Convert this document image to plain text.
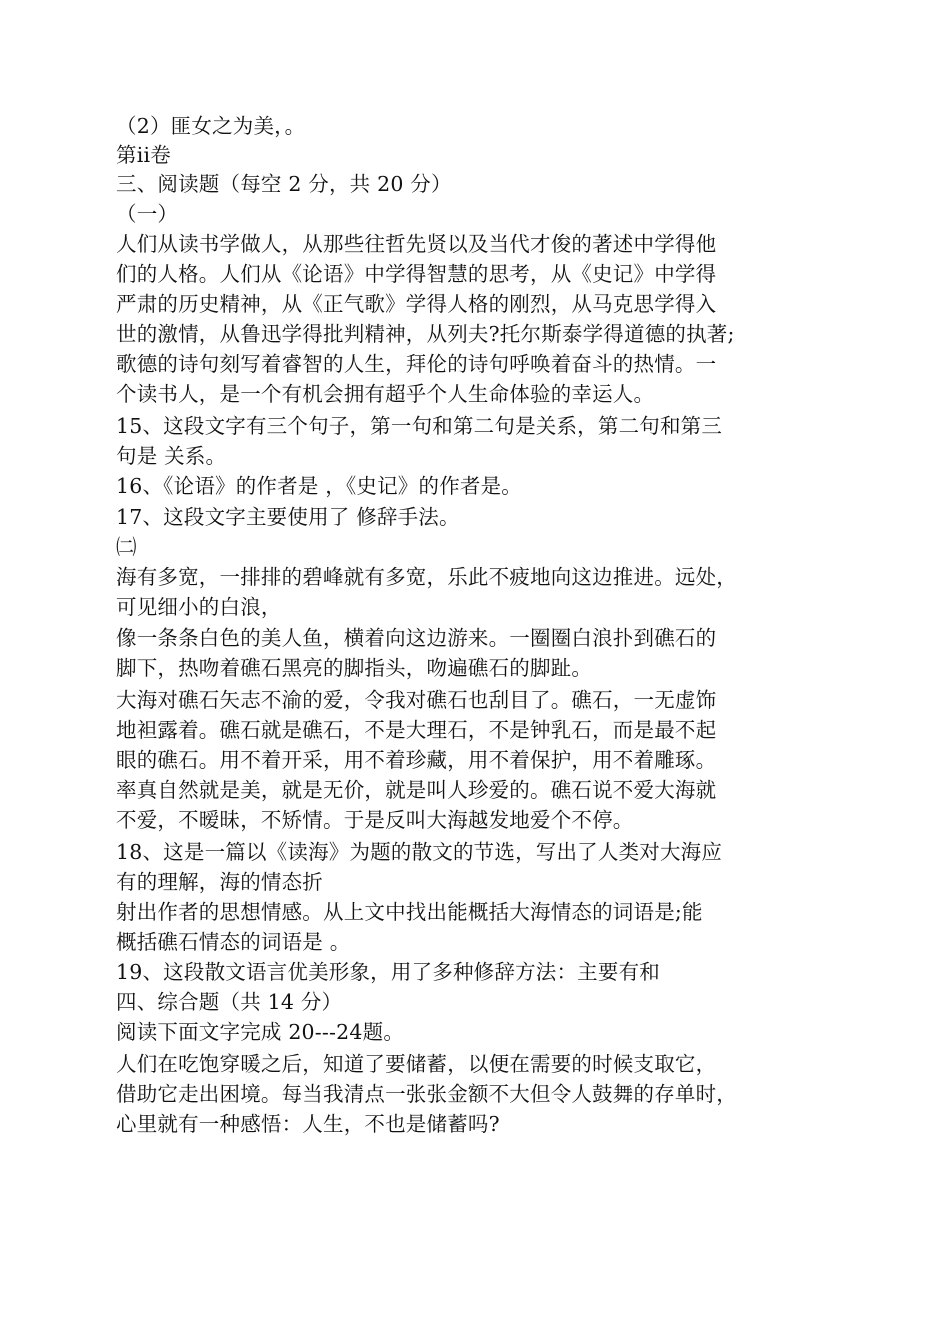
（2）匪女之为美，。
第ⅰi卷
三、阅读题（每空 2 分，共 20 分）
（一）
人们从读书学做人，从那些往哲先贤以及当代才俊的著述中学得他
们的人格。人们从《论语》中学得智慧的思考，从《史记》中学得
严肃的历史精神，从《正气歌》学得人格的刚烈，从马克思学得入
世的激情，从鲁迅学得批判精神，从列夫?托尔斯泰学得道德的执著;
歌德的诗句刻写着睿智的人生，拜伦的诗句呼唤着奋斗的热情。一
个读书人，是一个有机会拥有超乎个人生命体验的幸运人。
15、这段文字有三个句子，第一句和第二句是关系，第二句和第三
句是 关系。
16、《论语》的作者是 ，《史记》的作者是。
17、这段文字主要使用了 修辞手法。
㈡
海有多宽，一排排的碧峰就有多宽，乐此不疲地向这边推进。远处，
可见细小的白浪，
像一条条白色的美人鱼，横着向这边游来。一圈圈白浪扑到礁石的
脚下，热吻着礁石黑亮的脚指头，吻遍礁石的脚趾。
大海对礁石矢志不渝的爱，令我对礁石也刮目了。礁石，一无虚饰
地袒露着。礁石就是礁石，不是大理石，不是钟乳石，而是最不起
眼的礁石。用不着开采，用不着珍藏，用不着保护，用不着雕琢。
率真自然就是美，就是无价，就是叫人珍爱的。礁石说不爱大海就
不爱，不暧昧，不矫情。于是反叫大海越发地爱个不停。
18、这是一篇以《读海》为题的散文的节选，写出了人类对大海应
有的理解，海的情态折
射出作者的思想情感。从上文中找出能概括大海情态的词语是;能
概括礁石情态的词语是 。
19、这段散文语言优美形象，用了多种修辞方法：主要有和
四、综合题（共 14 分）
阅读下面文字完成 20---24题。
人们在吃饱穿暖之后，知道了要储蓄，以便在需要的时候支取它，
借助它走出困境。每当我清点一张张金额不大但令人鼓舞的存单时，
心里就有一种感悟：人生，不也是储蓄吗?
